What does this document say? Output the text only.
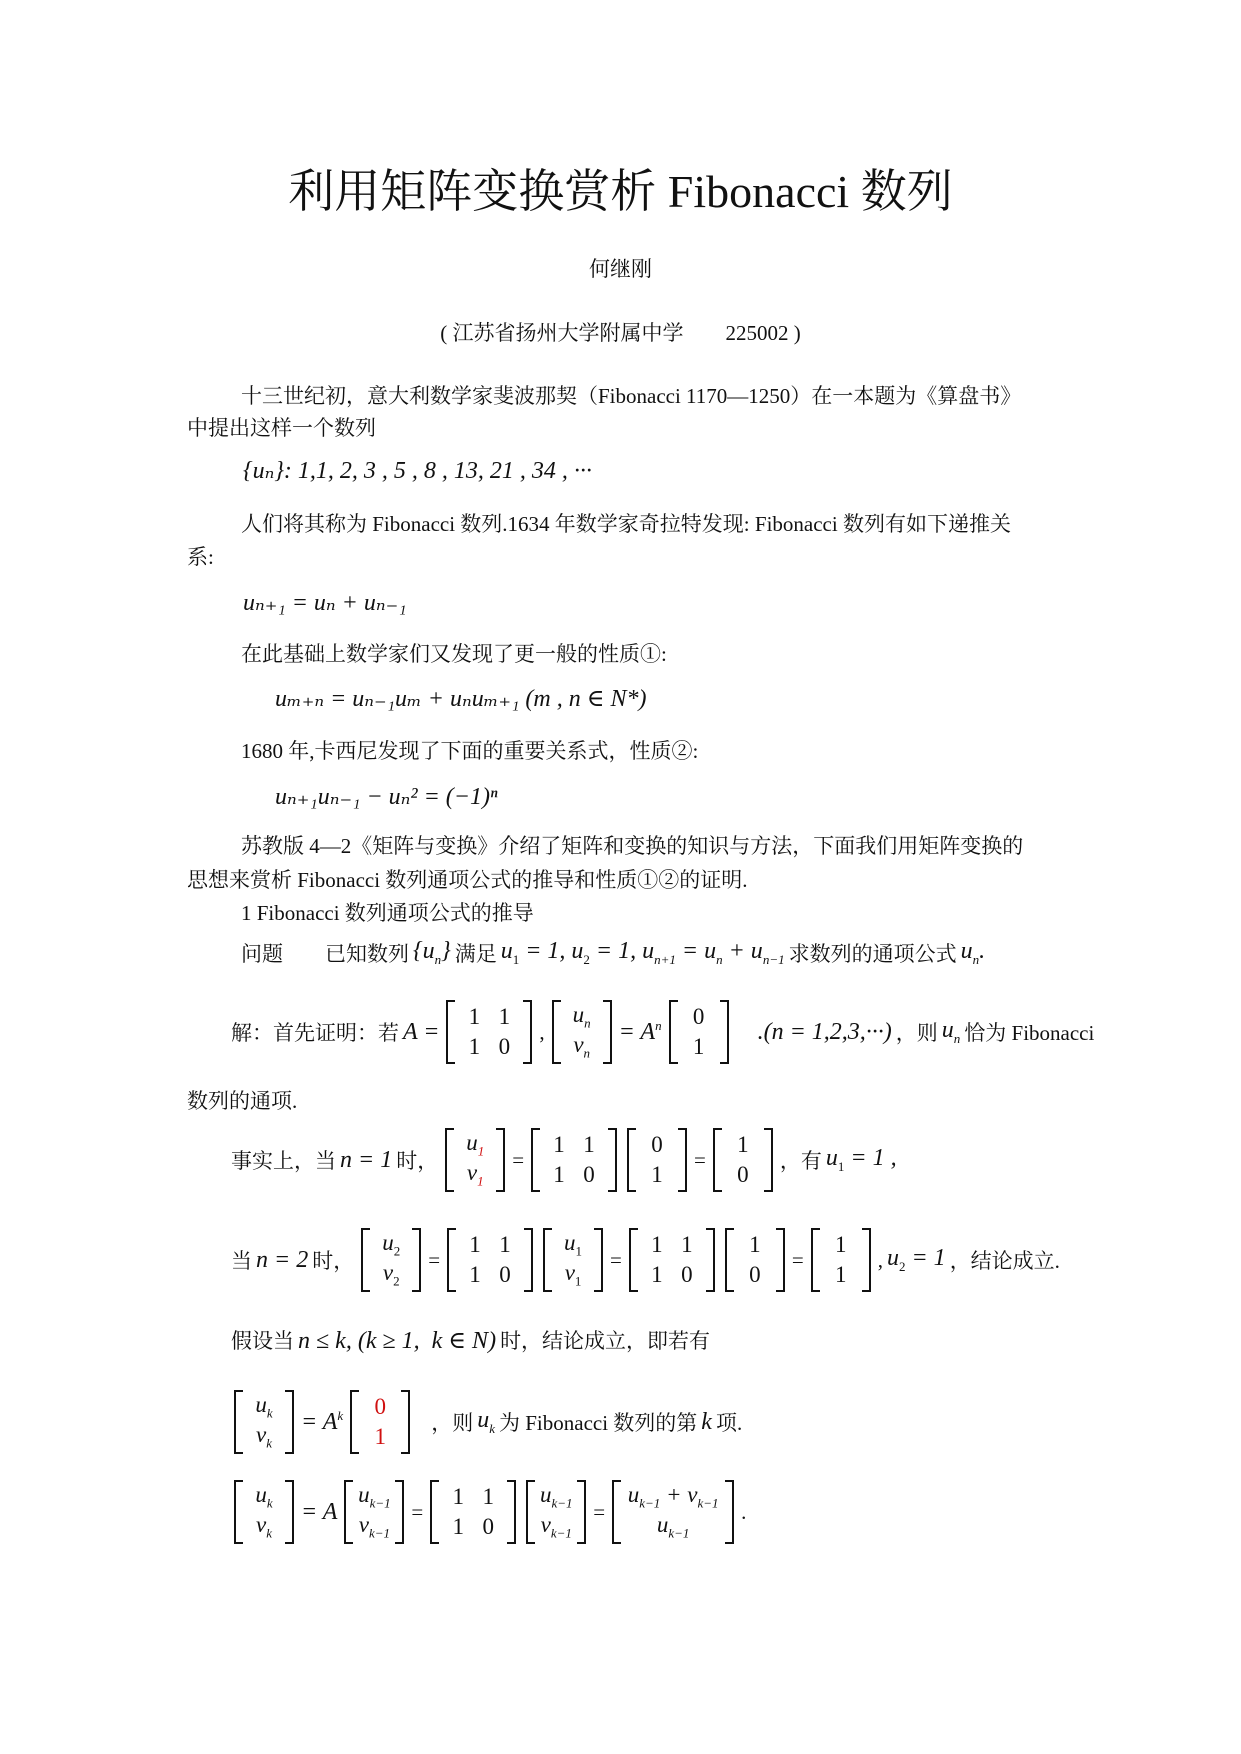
利用矩阵变换赏析 Fibonacci 数列
何继刚
( 江苏省扬州大学附属中学 225002 )
十三世纪初，意大利数学家斐波那契（Fibonacci 1170—1250）在一本题为《算盘书》
中提出这样一个数列
{uₙ}: 1,1, 2, 3 , 5 , 8 , 13, 21 , 34 , ···
人们将其称为 Fibonacci 数列.1634 年数学家奇拉特发现: Fibonacci 数列有如下递推关
系:
uₙ₊₁ = uₙ + uₙ₋₁
在此基础上数学家们又发现了更一般的性质①:
uₘ₊ₙ = uₙ₋₁uₘ + uₙuₘ₊₁ (m , n ∈ N*)
1680 年,卡西尼发现了下面的重要关系式，性质②:
uₙ₊₁uₙ₋₁ − uₙ² = (−1)ⁿ
苏教版 4—2《矩阵与变换》介绍了矩阵和变换的知识与方法，下面我们用矩阵变换的
思想来赏析 Fibonacci 数列通项公式的推导和性质①②的证明.
1 Fibonacci 数列通项公式的推导
问题 已知数列 $\{u_n\}$ 满足 $u_1 = 1$, $u_2 = 1$, $u_{n+1} = u_n + u_{n-1}$ 求数列的通项公式 $u_n$.
解：首先证明：若 A =
1 1
1 0
,
$u_n$
$v_n$
= $A^n$ 0
1
.(n = 1,2,3,···) ，则 $u_n$ 恰为 Fibonacci
数列的通项.
事实上，当 n = 1 时，
$u_1$
$v_1$
=
1 1
1 0
0
1
=
1
0
，有 $u_1 = 1$ ,
当 n = 2 时，
$u_2$
$v_2$
=
1 1
1 0
$u_1$
$v_1$
=
1 1
1 0
1
0
=
1
1
, $u_2 = 1$ ，结论成立.
假设当 n ≤ k, (k ≥ 1,  k ∈ N) 时，结论成立，即若有
$u_k$
$v_k$
= $A^k$ 0
1
，则 $u_k$ 为 Fibonacci 数列的第 k 项.
$u_k$
$v_k$
= A
$u_{k-1}$
$v_{k-1}$
=
1 1
1 0
$u_{k-1}$
$v_{k-1}$
=
$u_{k-1} + v_{k-1}$
$u_{k-1}$
.
